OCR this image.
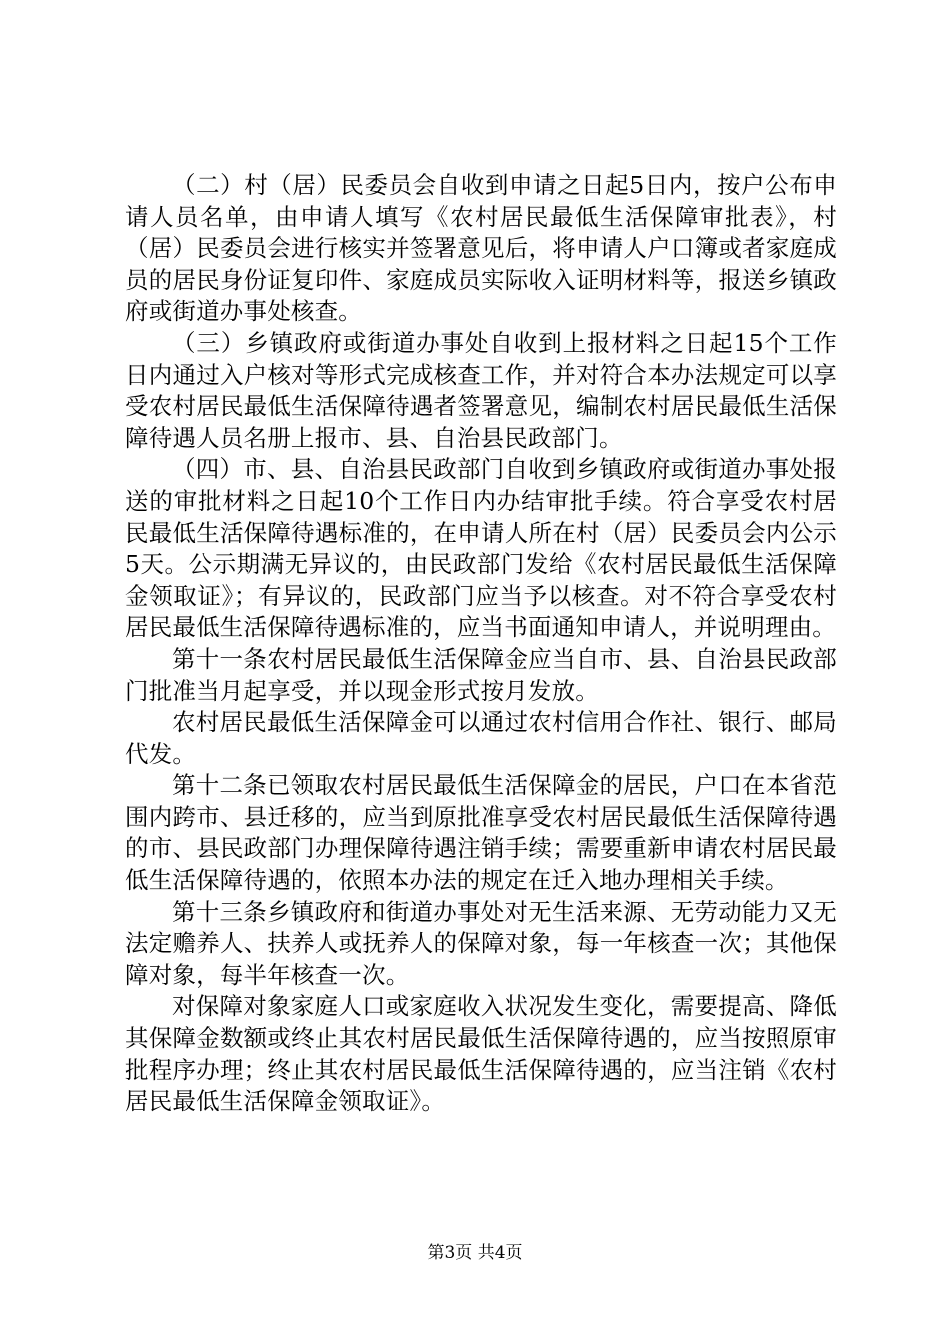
（二）村（居）民委员会自收到申请之日起5日内，按户公布申请人员名单，由申请人填写《农村居民最低生活保障审批表》，村（居）民委员会进行核实并签署意见后，将申请人户口簿或者家庭成员的居民身份证复印件、家庭成员实际收入证明材料等，报送乡镇政府或街道办事处核查。

（三）乡镇政府或街道办事处自收到上报材料之日起15个工作日内通过入户核对等形式完成核查工作，并对符合本办法规定可以享受农村居民最低生活保障待遇者签署意见，编制农村居民最低生活保障待遇人员名册上报市、县、自治县民政部门。

（四）市、县、自治县民政部门自收到乡镇政府或街道办事处报送的审批材料之日起10个工作日内办结审批手续。符合享受农村居民最低生活保障待遇标准的，在申请人所在村（居）民委员会内公示5天。公示期满无异议的，由民政部门发给《农村居民最低生活保障金领取证》；有异议的，民政部门应当予以核查。对不符合享受农村居民最低生活保障待遇标准的，应当书面通知申请人，并说明理由。

第十一条农村居民最低生活保障金应当自市、县、自治县民政部门批准当月起享受，并以现金形式按月发放。

农村居民最低生活保障金可以通过农村信用合作社、银行、邮局代发。

第十二条已领取农村居民最低生活保障金的居民，户口在本省范围内跨市、县迁移的，应当到原批准享受农村居民最低生活保障待遇的市、县民政部门办理保障待遇注销手续；需要重新申请农村居民最低生活保障待遇的，依照本办法的规定在迁入地办理相关手续。

第十三条乡镇政府和街道办事处对无生活来源、无劳动能力又无法定赡养人、扶养人或抚养人的保障对象，每一年核查一次；其他保障对象，每半年核查一次。

对保障对象家庭人口或家庭收入状况发生变化，需要提高、降低其保障金数额或终止其农村居民最低生活保障待遇的，应当按照原审批程序办理；终止其农村居民最低生活保障待遇的，应当注销《农村居民最低生活保障金领取证》。

第3页 共4页
